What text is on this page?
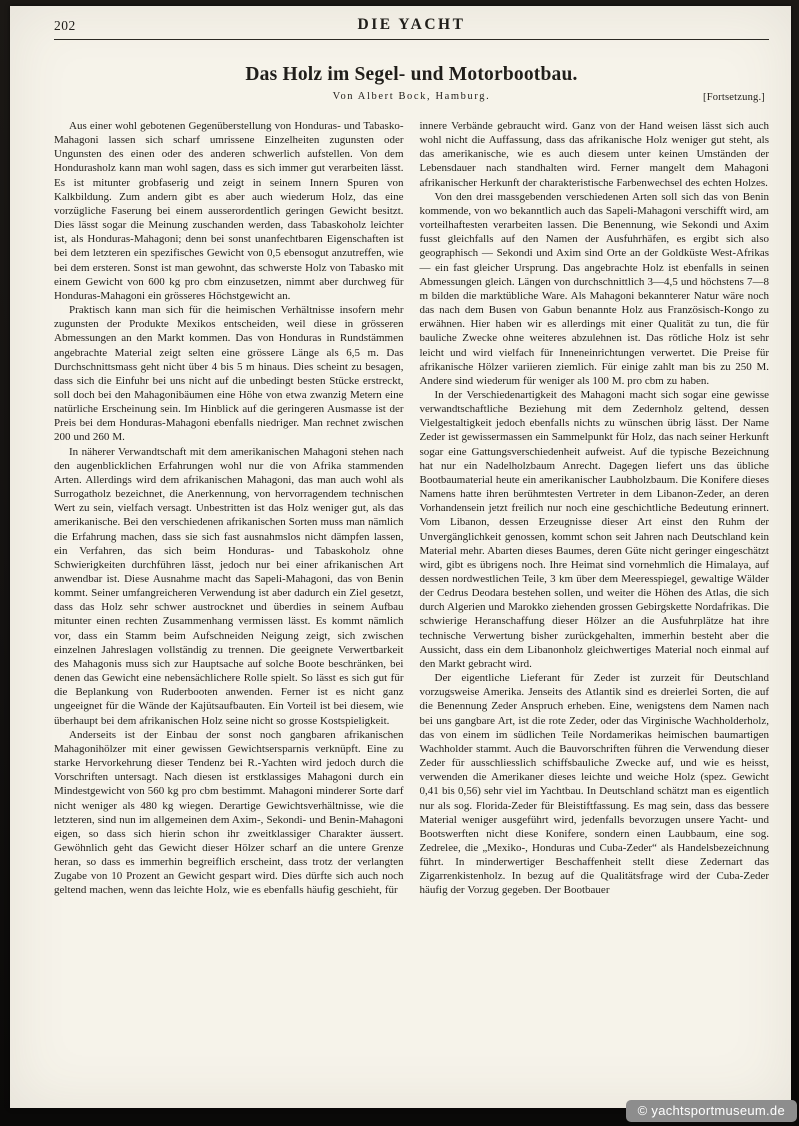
202	DIE YACHT
Das Holz im Segel- und Motorbootbau.
Von Albert Bock, Hamburg.	[Fortsetzung.]

Aus einer wohl gebotenen Gegenüberstellung von Honduras- und Tabasko-Mahagoni lassen sich scharf umrissene Einzelheiten zugunsten oder Ungunsten des einen oder des anderen schwerlich aufstellen. Von dem Hondurasholz kann man wohl sagen, dass es sich immer gut verarbeiten lässt. Es ist mitunter grobfaserig und zeigt in seinem Innern Spuren von Kalkbildung. Zum andern gibt es aber auch wiederum Holz, das eine vorzügliche Faserung bei einem ausserordentlich geringen Gewicht besitzt. Dies lässt sogar die Meinung zuschanden werden, dass Tabaskoholz leichter ist, als Honduras-Mahagoni; denn bei sonst unanfechtbaren Eigenschaften ist bei dem letzteren ein spezifisches Gewicht von 0,5 ebensogut anzutreffen, wie bei dem ersteren. Sonst ist man gewohnt, das schwerste Holz von Tabasko mit einem Gewicht von 600 kg pro cbm einzusetzen, nimmt aber durchweg für Honduras-Mahagoni ein grösseres Höchstgewicht an.

Praktisch kann man sich für die heimischen Verhältnisse insofern mehr zugunsten der Produkte Mexikos entscheiden, weil diese in grösseren Abmessungen an den Markt kommen. Das von Honduras in Rundstämmen angebrachte Material zeigt selten eine grössere Länge als 6,5 m. Das Durchschnittsmass geht nicht über 4 bis 5 m hinaus. Dies scheint zu besagen, dass sich die Einfuhr bei uns nicht auf die unbedingt besten Stücke erstreckt, soll doch bei den Mahagonibäumen eine Höhe von etwa zwanzig Metern eine natürliche Erscheinung sein. Im Hinblick auf die geringeren Ausmasse ist der Preis bei dem Honduras-Mahagoni ebenfalls niedriger. Man rechnet zwischen 200 und 260 M.

In näherer Verwandtschaft mit dem amerikanischen Mahagoni stehen nach den augenblicklichen Erfahrungen wohl nur die von Afrika stammenden Arten. Allerdings wird dem afrikanischen Mahagoni, das man auch wohl als Surrogatholz bezeichnet, die Anerkennung, von hervorragendem technischen Wert zu sein, vielfach versagt. Unbestritten ist das Holz weniger gut, als das amerikanische. Bei den verschiedenen afrikanischen Sorten muss man nämlich die Erfahrung machen, dass sie sich fast ausnahmslos nicht dämpfen lassen, ein Verfahren, das sich beim Honduras- und Tabaskoholz ohne Schwierigkeiten durchführen lässt, jedoch nur bei einer afrikanischen Art anwendbar ist. Diese Ausnahme macht das Sapeli-Mahagoni, das von Benin kommt. Seiner umfangreicheren Verwendung ist aber dadurch ein Ziel gesetzt, dass das Holz sehr schwer austrocknet und überdies in seinem Aufbau mitunter einen rechten Zusammenhang vermissen lässt. Es kommt nämlich vor, dass ein Stamm beim Aufschneiden Neigung zeigt, sich zwischen einzelnen Jahreslagen vollständig zu trennen. Die geeignete Verwertbarkeit des Mahagonis muss sich zur Hauptsache auf solche Boote beschränken, bei denen das Gewicht eine nebensächlichere Rolle spielt. So lässt es sich gut für die Beplankung von Ruderbooten anwenden. Ferner ist es nicht ganz ungeeignet für die Wände der Kajütsaufbauten. Ein Vorteil ist bei diesem, wie überhaupt bei dem afrikanischen Holz seine nicht so grosse Kostspieligkeit.

Anderseits ist der Einbau der sonst noch gangbaren afrikanischen Mahagonihölzer mit einer gewissen Gewichtsersparnis verknüpft. Eine zu starke Hervorkehrung dieser Tendenz bei R.-Yachten wird jedoch durch die Vorschriften untersagt. Nach diesen ist erstklassiges Mahagoni durch ein Mindestgewicht von 560 kg pro cbm bestimmt. Mahagoni minderer Sorte darf nicht weniger als 480 kg wiegen. Derartige Gewichtsverhältnisse, wie die letzteren, sind nun im allgemeinen dem Axim-, Sekondi- und Benin-Mahagoni eigen, so dass sich hierin schon ihr zweitklassiger Charakter äussert. Gewöhnlich geht das Gewicht dieser Hölzer scharf an die untere Grenze heran, so dass es immerhin begreiflich erscheint, dass trotz der verlangten Zugabe von 10 Prozent an Gewicht gespart wird. Dies dürfte sich auch noch geltend machen, wenn das leichte Holz, wie es ebenfalls häufig geschieht, für

innere Verbände gebraucht wird. Ganz von der Hand weisen lässt sich auch wohl nicht die Auffassung, dass das afrikanische Holz weniger gut steht, als das amerikanische, wie es auch diesem unter keinen Umständen der Lebensdauer nach standhalten wird. Ferner mangelt dem Mahagoni afrikanischer Herkunft der charakteristische Farbenwechsel des echten Holzes.

Von den drei massgebenden verschiedenen Arten soll sich das von Benin kommende, von wo bekanntlich auch das Sapeli-Mahagoni verschifft wird, am vorteilhaftesten verarbeiten lassen. Die Benennung, wie Sekondi und Axim fusst gleichfalls auf den Namen der Ausfuhrhäfen, es ergibt sich also geographisch — Sekondi und Axim sind Orte an der Goldküste West-Afrikas — ein fast gleicher Ursprung. Das angebrachte Holz ist ebenfalls in seinen Abmessungen gleich. Längen von durchschnittlich 3—4,5 und höchstens 7—8 m bilden die marktübliche Ware. Als Mahagoni bekannterer Natur wäre noch das nach dem Busen von Gabun benannte Holz aus Französisch-Kongo zu erwähnen. Hier haben wir es allerdings mit einer Qualität zu tun, die für bauliche Zwecke ohne weiteres abzulehnen ist. Das rötliche Holz ist sehr leicht und wird vielfach für Inneneinrichtungen verwertet. Die Preise für afrikanische Hölzer variieren ziemlich. Für einige zahlt man bis zu 250 M. Andere sind wiederum für weniger als 100 M. pro cbm zu haben.

In der Verschiedenartigkeit des Mahagoni macht sich sogar eine gewisse verwandtschaftliche Beziehung mit dem Zedernholz geltend, dessen Vielgestaltigkeit jedoch ebenfalls nichts zu wünschen übrig lässt. Der Name Zeder ist gewissermassen ein Sammelpunkt für Holz, das nach seiner Herkunft sogar eine Gattungsverschiedenheit aufweist. Auf die typische Bezeichnung hat nur ein Nadelholzbaum Anrecht. Dagegen liefert uns das übliche Bootbaumaterial heute ein amerikanischer Laubholzbaum. Die Konifere dieses Namens hatte ihren berühmtesten Vertreter in dem Libanon-Zeder, an deren Vorhandensein jetzt freilich nur noch eine geschichtliche Bedeutung erinnert. Vom Libanon, dessen Erzeugnisse dieser Art einst den Ruhm der Unvergänglichkeit genossen, kommt schon seit Jahren nach Deutschland kein Material mehr. Abarten dieses Baumes, deren Güte nicht geringer eingeschätzt wird, gibt es übrigens noch. Ihre Heimat sind vornehmlich die Himalaya, auf dessen nordwestlichen Teile, 3 km über dem Meeresspiegel, gewaltige Wälder der Cedrus Deodara bestehen sollen, und weiter die Höhen des Atlas, die sich durch Algerien und Marokko ziehenden grossen Gebirgskette Nordafrikas. Die schwierige Heranschaffung dieser Hölzer an die Ausfuhrplätze hat ihre technische Verwertung bisher zurückgehalten, immerhin besteht aber die Aussicht, dass ein dem Libanonholz gleichwertiges Material noch einmal auf den Markt gebracht wird.

Der eigentliche Lieferant für Zeder ist zurzeit für Deutschland vorzugsweise Amerika. Jenseits des Atlantik sind es dreierlei Sorten, die auf die Benennung Zeder Anspruch erheben. Eine, wenigstens dem Namen nach bei uns gangbare Art, ist die rote Zeder, oder das Virginische Wachholderholz, das von einem im südlichen Teile Nordamerikas heimischen baumartigen Wachholder stammt. Auch die Bauvorschriften führen die Verwendung dieser Zeder für ausschliesslich schiffsbauliche Zwecke auf, und wie es heisst, verwenden die Amerikaner dieses leichte und weiche Holz (spez. Gewicht 0,41 bis 0,56) sehr viel im Yachtbau. In Deutschland schätzt man es eigentlich nur als sog. Florida-Zeder für Bleistiftfassung. Es mag sein, dass das bessere Material weniger ausgeführt wird, jedenfalls bevorzugen unsere Yacht- und Bootswerften nicht diese Konifere, sondern einen Laubbaum, eine sog. Zedrelee, die „Mexiko-, Honduras und Cuba-Zeder“ als Handelsbezeichnung führt. In minderwertiger Beschaffenheit stellt diese Zedernart das Zigarrenkistenholz. In bezug auf die Qualitätsfrage wird der Cuba-Zeder häufig der Vorzug gegeben. Der Bootbauer

© yachtsportmuseum.de
